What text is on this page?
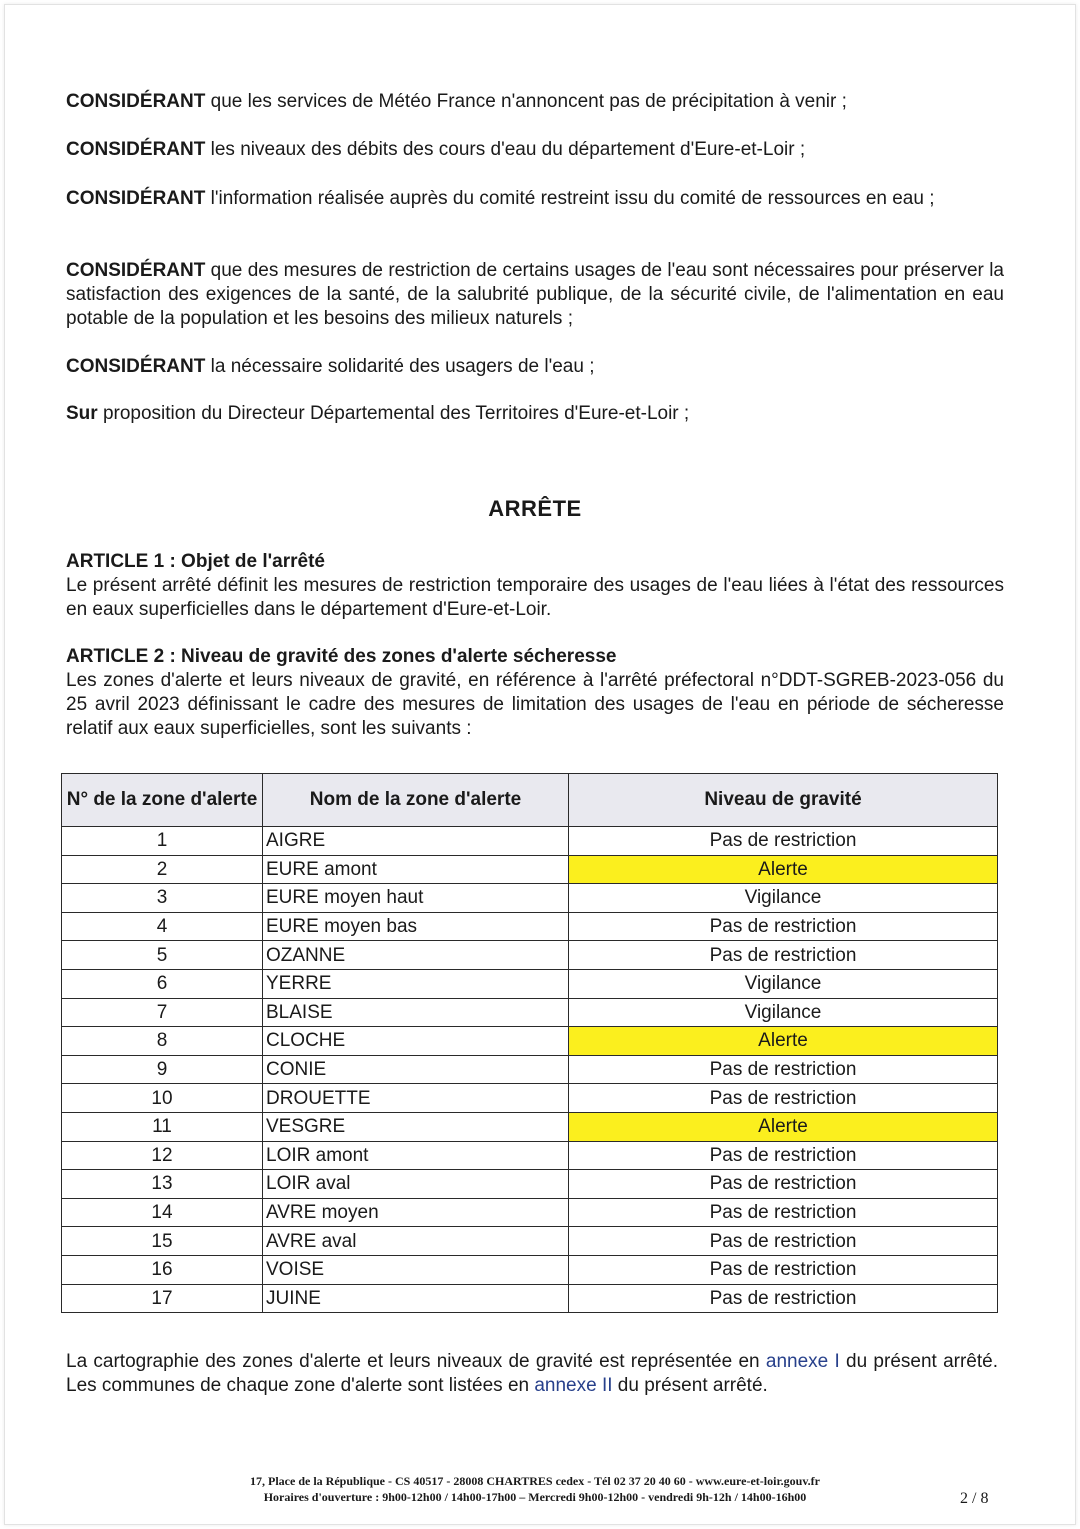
CONSIDÉRANT que les services de Météo France n'annoncent pas de précipitation à venir ;
CONSIDÉRANT les niveaux des débits des cours d'eau du département d'Eure-et-Loir ;
CONSIDÉRANT l'information réalisée auprès du comité restreint issu du comité de ressources en eau ;
CONSIDÉRANT que des mesures de restriction de certains usages de l'eau sont nécessaires pour préserver la satisfaction des exigences de la santé, de la salubrité publique, de la sécurité civile, de l'alimentation en eau potable de la population et les besoins des milieux naturels ;
CONSIDÉRANT la nécessaire solidarité des usagers de l'eau ;
Sur proposition du Directeur Départemental des Territoires d'Eure-et-Loir ;
ARRÊTE
ARTICLE 1 : Objet de l'arrêté
Le présent arrêté définit les mesures de restriction temporaire des usages de l'eau liées à l'état des ressources en eaux superficielles dans le département d'Eure-et-Loir.
ARTICLE 2 : Niveau de gravité des zones d'alerte sécheresse
Les zones d'alerte et leurs niveaux de gravité, en référence à l'arrêté préfectoral n°DDT-SGREB-2023-056 du 25 avril 2023 définissant le cadre des mesures de limitation des usages de l'eau en période de sécheresse relatif aux eaux superficielles, sont les suivants :
N° de la zone d'alerte	Nom de la zone d'alerte	Niveau de gravité
1	AIGRE	Pas de restriction
2	EURE amont	Alerte
3	EURE moyen haut	Vigilance
4	EURE moyen bas	Pas de restriction
5	OZANNE	Pas de restriction
6	YERRE	Vigilance
7	BLAISE	Vigilance
8	CLOCHE	Alerte
9	CONIE	Pas de restriction
10	DROUETTE	Pas de restriction
11	VESGRE	Alerte
12	LOIR amont	Pas de restriction
13	LOIR aval	Pas de restriction
14	AVRE moyen	Pas de restriction
15	AVRE aval	Pas de restriction
16	VOISE	Pas de restriction
17	JUINE	Pas de restriction
La cartographie des zones d'alerte et leurs niveaux de gravité est représentée en annexe I du présent arrêté. Les communes de chaque zone d'alerte sont listées en annexe II du présent arrêté.
17, Place de la République - CS 40517 - 28008 CHARTRES cedex - Tél 02 37 20 40 60 - www.eure-et-loir.gouv.fr
Horaires d'ouverture : 9h00-12h00 / 14h00-17h00 – Mercredi 9h00-12h00 - vendredi 9h-12h / 14h00-16h00	2 / 8
